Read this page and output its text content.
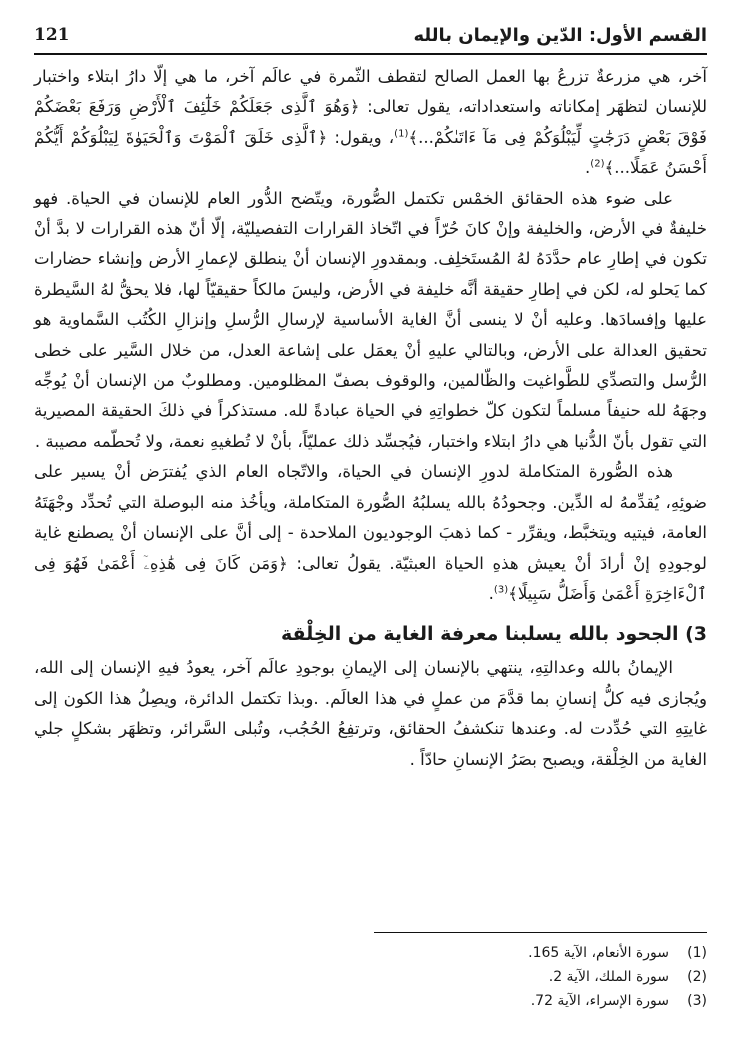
121	القسم الأول: الدّين والإيمان بالله

آخر، هي مزرعةٌ تزرعُ بها العمل الصالح لتقطف الثّمرة في عالَم آخر، ما هي إلّا دارُ ابتلاء واختبار للإنسان لتظهَر إمكاناته واستعداداته، يقول تعالى: ﴿وَهُوَ ٱلَّذِى جَعَلَكُمْ خَلَٰٓئِفَ ٱلْأَرْضِ وَرَفَعَ بَعْضَكُمْ فَوْقَ بَعْضٍ دَرَجَٰتٍ لِّيَبْلُوَكُمْ فِى مَآ ءَاتَىٰكُمْ...﴾$^{(1)}$، ويقول: ﴿ٱلَّذِى خَلَقَ ٱلْمَوْتَ وَٱلْحَيَوٰةَ لِيَبْلُوَكُمْ أَيُّكُمْ أَحْسَنُ عَمَلًا...﴾$^{(2)}$.

على ضوء هذه الحقائق الخمْس تكتمل الصُّورة، ويتّضح الدُّور العام للإنسان في الحياة. فهو خليفةٌ في الأرض، والخليفة وإنْ كانَ حُرّاً في اتّخاذ القرارات التفصيليّة، إلّا أنّ هذه القرارات لا بدَّ أنْ تكون في إطارِ عام حدَّدَهُ لهُ المُستَخلِف. وبمقدورِ الإنسان أنْ ينطلق لإعمارِ الأرض وإنشاء حضارات كما يَحلو له، لكن في إطارِ حقيقة أنَّه خليفة في الأرض، وليسَ مالكاً حقيقيّاً لها، فلا يحقُّ لهُ السَّيطرة عليها وإفسادَها. وعليه أنْ لا ينسى أنَّ الغاية الأساسية لإرسالِ الرُّسلِ وإنزالِ الكُتُب السَّماوية هو تحقيق العدالة على الأرض، وبالتالي عليهِ أنْ يعمَل على إشاعة العدل، من خلال السَّير على خطى الرُّسل والتصدِّي للطَّواغيت والظّالمين، والوقوف بصفّ المظلومين. ومطلوبٌ من الإنسان أنْ يُوجِّه وجهَهُ لله حنيفاً مسلماً لتكون كلّ خطواتِهِ في الحياة عبادةً لله. مستذكراً في ذلكَ الحقيقة المصيرية التي تقول بأنّ الدُّنيا هي دارُ ابتلاء واختبار، فيُجسِّد ذلك عمليّاً، بأنْ لا تُطغيهِ نعمة، ولا تُحطّمه مصيبة .

هذه الصُّورة المتكاملة لدورِ الإنسان في الحياة، والاتّجاه العام الذي يُفترَض أنْ يسير على ضوئِهِ، يُقدِّمهُ له الدِّين. وجحودُهُ بالله يسلبُهُ الصُّورة المتكاملة، ويأخُذ منه البوصلة التي تُحدِّد وجْهَتَهُ العامة، فيتيه ويتخبَّط، ويقرِّر - كما ذهبَ الوجوديون الملاحدة - إلى أنَّ على الإنسان أنْ يصطنع غاية لوجودِهِ إنْ أرادَ أنْ يعيش هذهِ الحياة العبثيّة. يقولُ تعالى: ﴿وَمَن كَانَ فِى هَٰذِهِۦٓ أَعْمَىٰ فَهُوَ فِى ٱلْءَاخِرَةِ أَعْمَىٰ وَأَضَلُّ سَبِيلًا﴾$^{(3)}$.

3) الجحود بالله يسلبنا معرفة الغاية من الخِلْقة

الإيمانُ بالله وعدالتِهِ، ينتهي بالإنسان إلى الإيمانِ بوجودِ عالَم آخر، يعودُ فيهِ الإنسان إلى الله، ويُجازى فيه كلُّ إنسانِ بما قدَّمَ من عملٍ في هذا العالَم. .وبذا تكتمل الدائرة، ويصِلُ هذا الكون إلى غايتِهِ التي حُدِّدت له. وعندها تنكشفُ الحقائق، وترتفِعُ الحُجُب، وتُبلى السَّرائر، وتظهَر بشكلٍ جلي الغاية من الخِلْقة، ويصبح بصَرُ الإنسانِ حادّاً .

(1)
سورة الأنعام، الآية 165.
(2)
سورة الملك، الآية 2.
(3)
سورة الإسراء، الآية 72.
